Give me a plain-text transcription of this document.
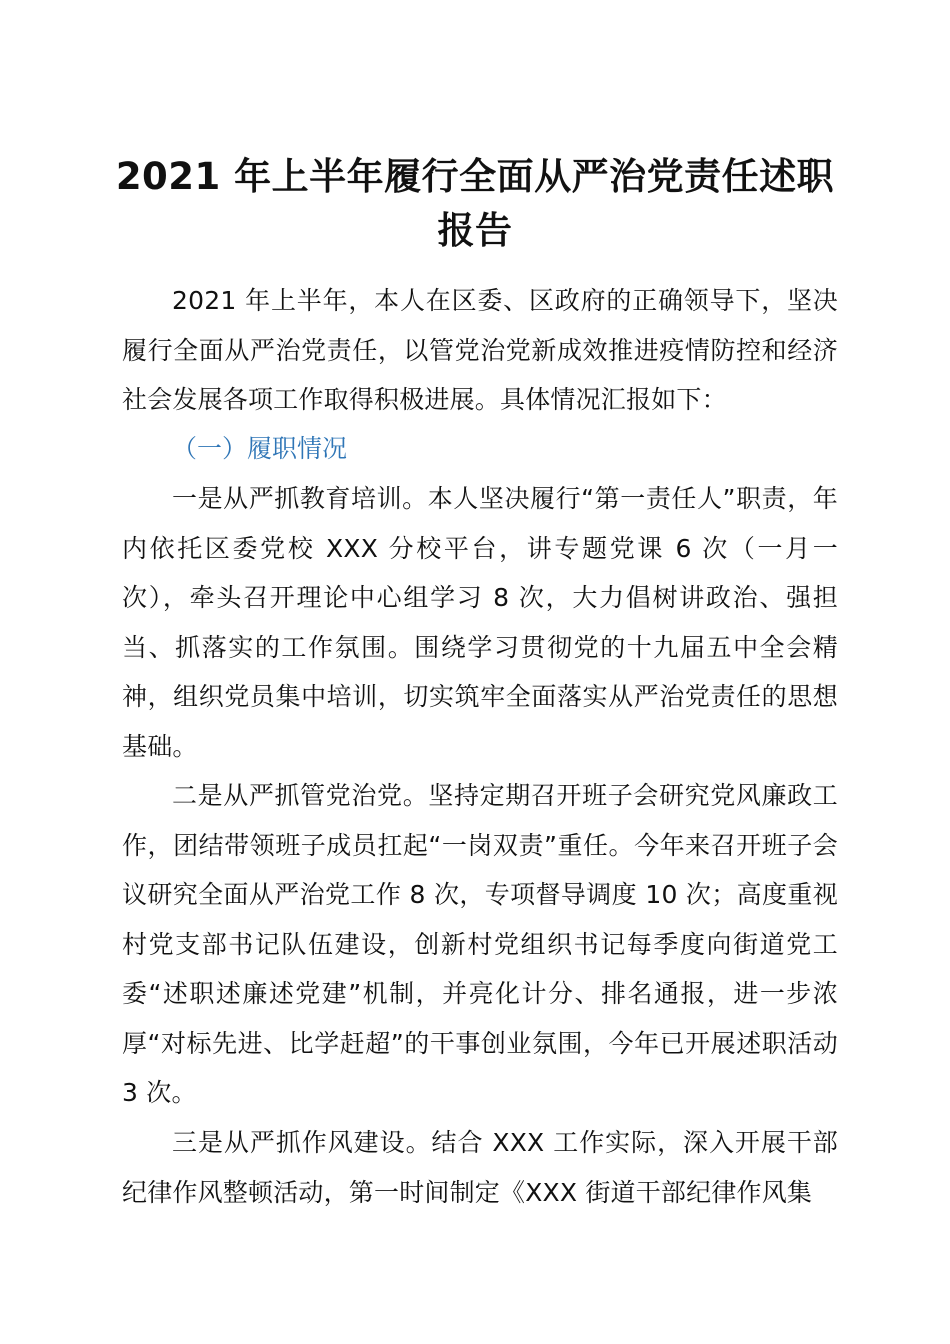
2021 年上半年履行全面从严治党责任述职报告

2021 年上半年，本人在区委、区政府的正确领导下，坚决履行全面从严治党责任，以管党治党新成效推进疫情防控和经济社会发展各项工作取得积极进展。具体情况汇报如下：

（一）履职情况

一是从严抓教育培训。本人坚决履行“第一责任人”职责，年内依托区委党校 XXX 分校平台，讲专题党课 6 次（一月一次），牵头召开理论中心组学习 8 次，大力倡树讲政治、强担当、抓落实的工作氛围。围绕学习贯彻党的十九届五中全会精神，组织党员集中培训，切实筑牢全面落实从严治党责任的思想基础。

二是从严抓管党治党。坚持定期召开班子会研究党风廉政工作，团结带领班子成员扛起“一岗双责”重任。今年来召开班子会议研究全面从严治党工作 8 次，专项督导调度 10 次；高度重视村党支部书记队伍建设，创新村党组织书记每季度向街道党工委“述职述廉述党建”机制，并亮化计分、排名通报，进一步浓厚“对标先进、比学赶超”的干事创业氛围，今年已开展述职活动 3 次。

三是从严抓作风建设。结合 XXX 工作实际，深入开展干部纪律作风整顿活动，第一时间制定《XXX 街道干部纪律作风集
